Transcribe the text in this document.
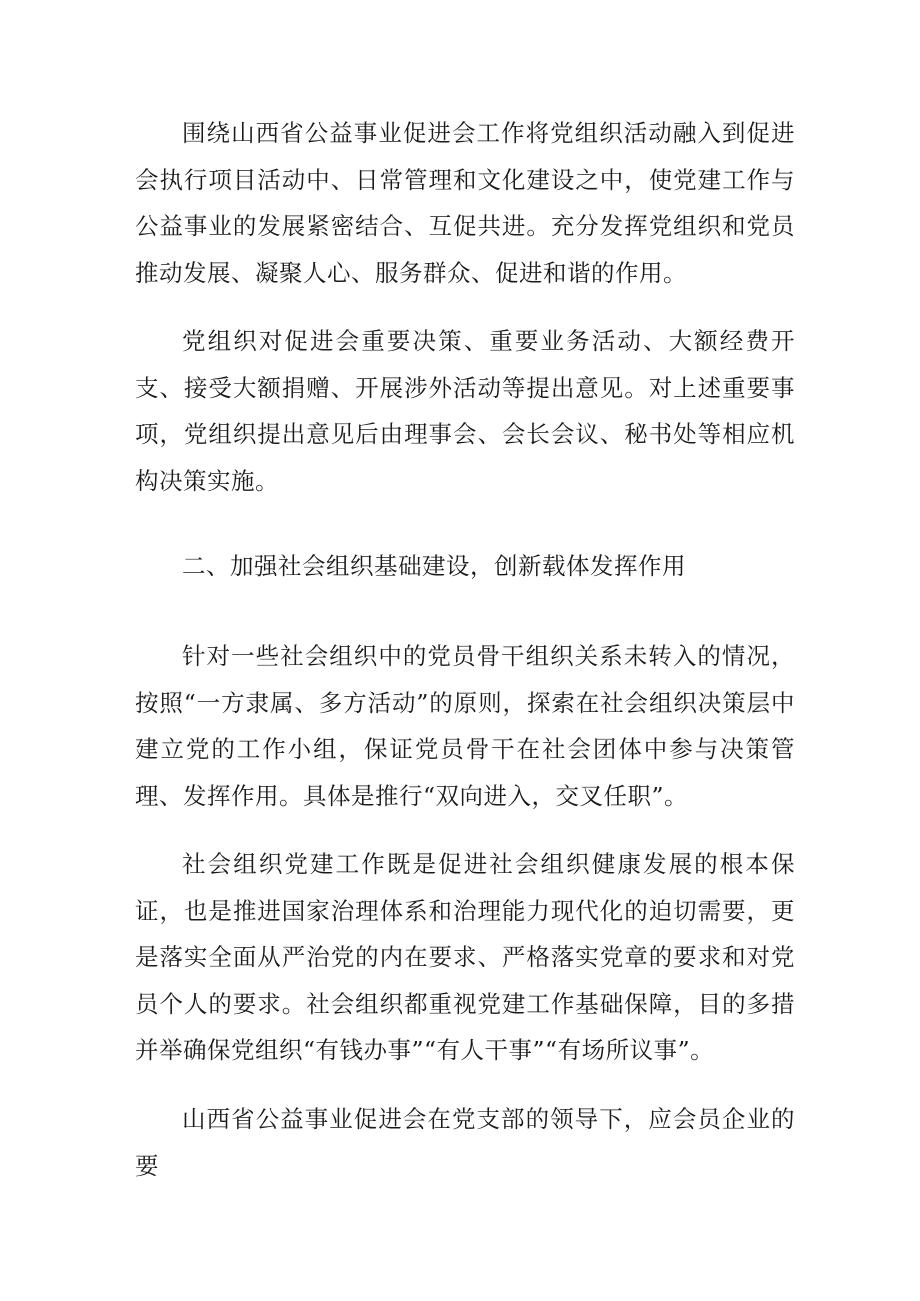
围绕山西省公益事业促进会工作将党组织活动融入到促进会执行项目活动中、日常管理和文化建设之中，使党建工作与公益事业的发展紧密结合、互促共进。充分发挥党组织和党员推动发展、凝聚人心、服务群众、促进和谐的作用。

党组织对促进会重要决策、重要业务活动、大额经费开支、接受大额捐赠、开展涉外活动等提出意见。对上述重要事项，党组织提出意见后由理事会、会长会议、秘书处等相应机构决策实施。

二、加强社会组织基础建设，创新载体发挥作用

针对一些社会组织中的党员骨干组织关系未转入的情况，按照“一方隶属、多方活动”的原则，探索在社会组织决策层中建立党的工作小组，保证党员骨干在社会团体中参与决策管理、发挥作用。具体是推行“双向进入，交叉任职”。

社会组织党建工作既是促进社会组织健康发展的根本保证，也是推进国家治理体系和治理能力现代化的迫切需要，更是落实全面从严治党的内在要求、严格落实党章的要求和对党员个人的要求。社会组织都重视党建工作基础保障，目的多措并举确保党组织“有钱办事”“有人干事”“有场所议事”。

山西省公益事业促进会在党支部的领导下，应会员企业的要
